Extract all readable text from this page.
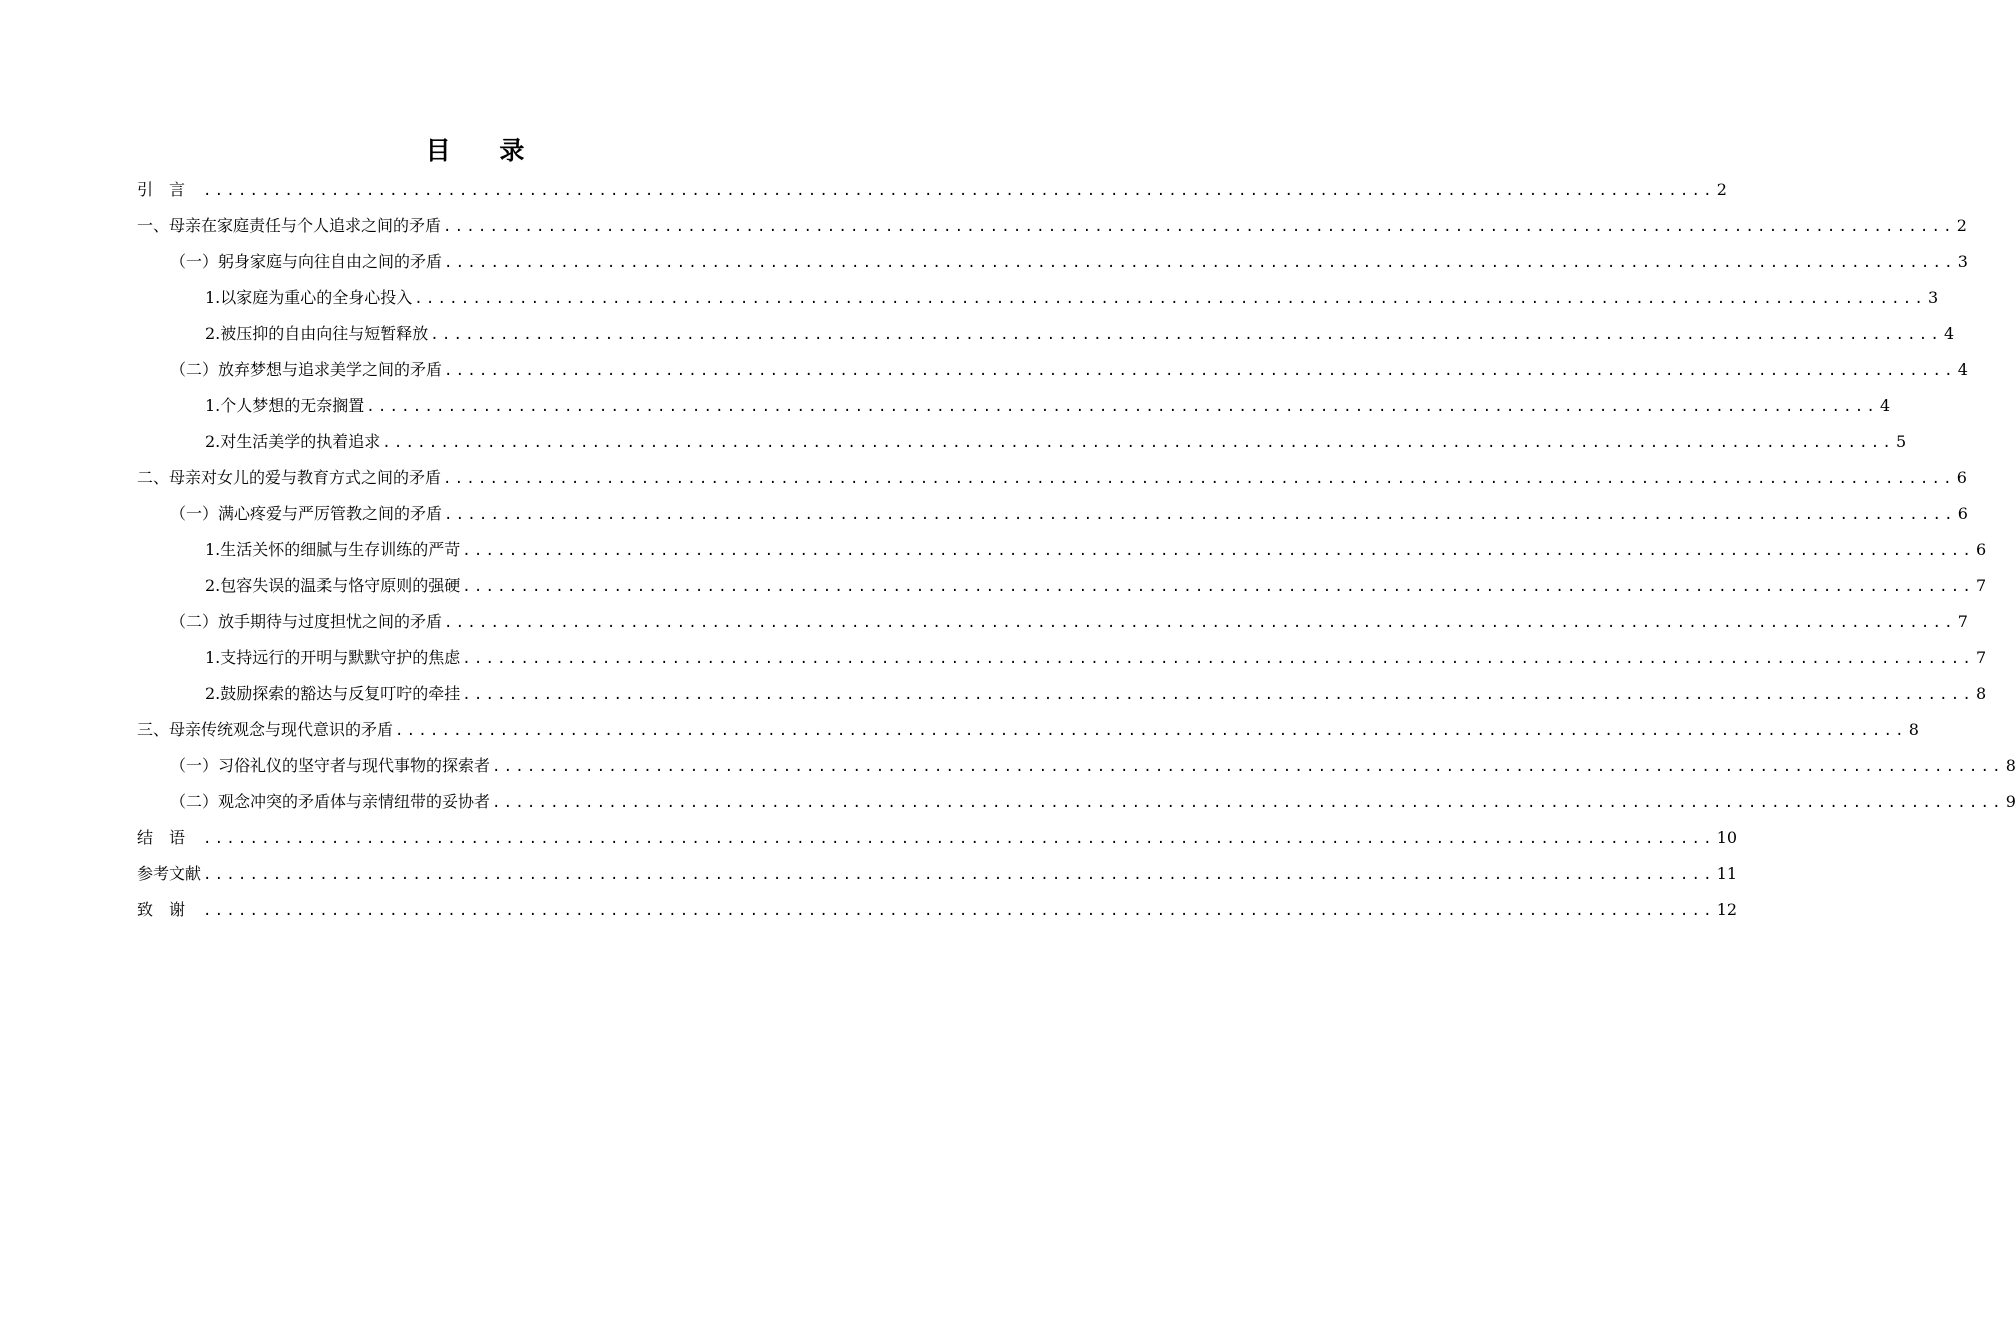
目 录
引言 .................................................................................................................................. 2
一、母亲在家庭责任与个人追求之间的矛盾 .................................................................................................................................. 2
（一）躬身家庭与向往自由之间的矛盾 .................................................................................................................................. 3
1.以家庭为重心的全身心投入 .................................................................................................................................. 3
2.被压抑的自由向往与短暂释放 .................................................................................................................................. 4
（二）放弃梦想与追求美学之间的矛盾 .................................................................................................................................. 4
1.个人梦想的无奈搁置 .................................................................................................................................. 4
2.对生活美学的执着追求 .................................................................................................................................. 5
二、母亲对女儿的爱与教育方式之间的矛盾 .................................................................................................................................. 6
（一）满心疼爱与严厉管教之间的矛盾 .................................................................................................................................. 6
1.生活关怀的细腻与生存训练的严苛 .................................................................................................................................. 6
2.包容失误的温柔与恪守原则的强硬 .................................................................................................................................. 7
（二）放手期待与过度担忧之间的矛盾 .................................................................................................................................. 7
1.支持远行的开明与默默守护的焦虑 .................................................................................................................................. 7
2.鼓励探索的豁达与反复叮咛的牵挂 .................................................................................................................................. 8
三、母亲传统观念与现代意识的矛盾 .................................................................................................................................. 8
（一）习俗礼仪的坚守者与现代事物的探索者 .................................................................................................................................. 8
（二）观念冲突的矛盾体与亲情纽带的妥协者 .................................................................................................................................. 9
结语 .................................................................................................................................. 10
参考文献 .................................................................................................................................. 11
致谢 .................................................................................................................................. 12
